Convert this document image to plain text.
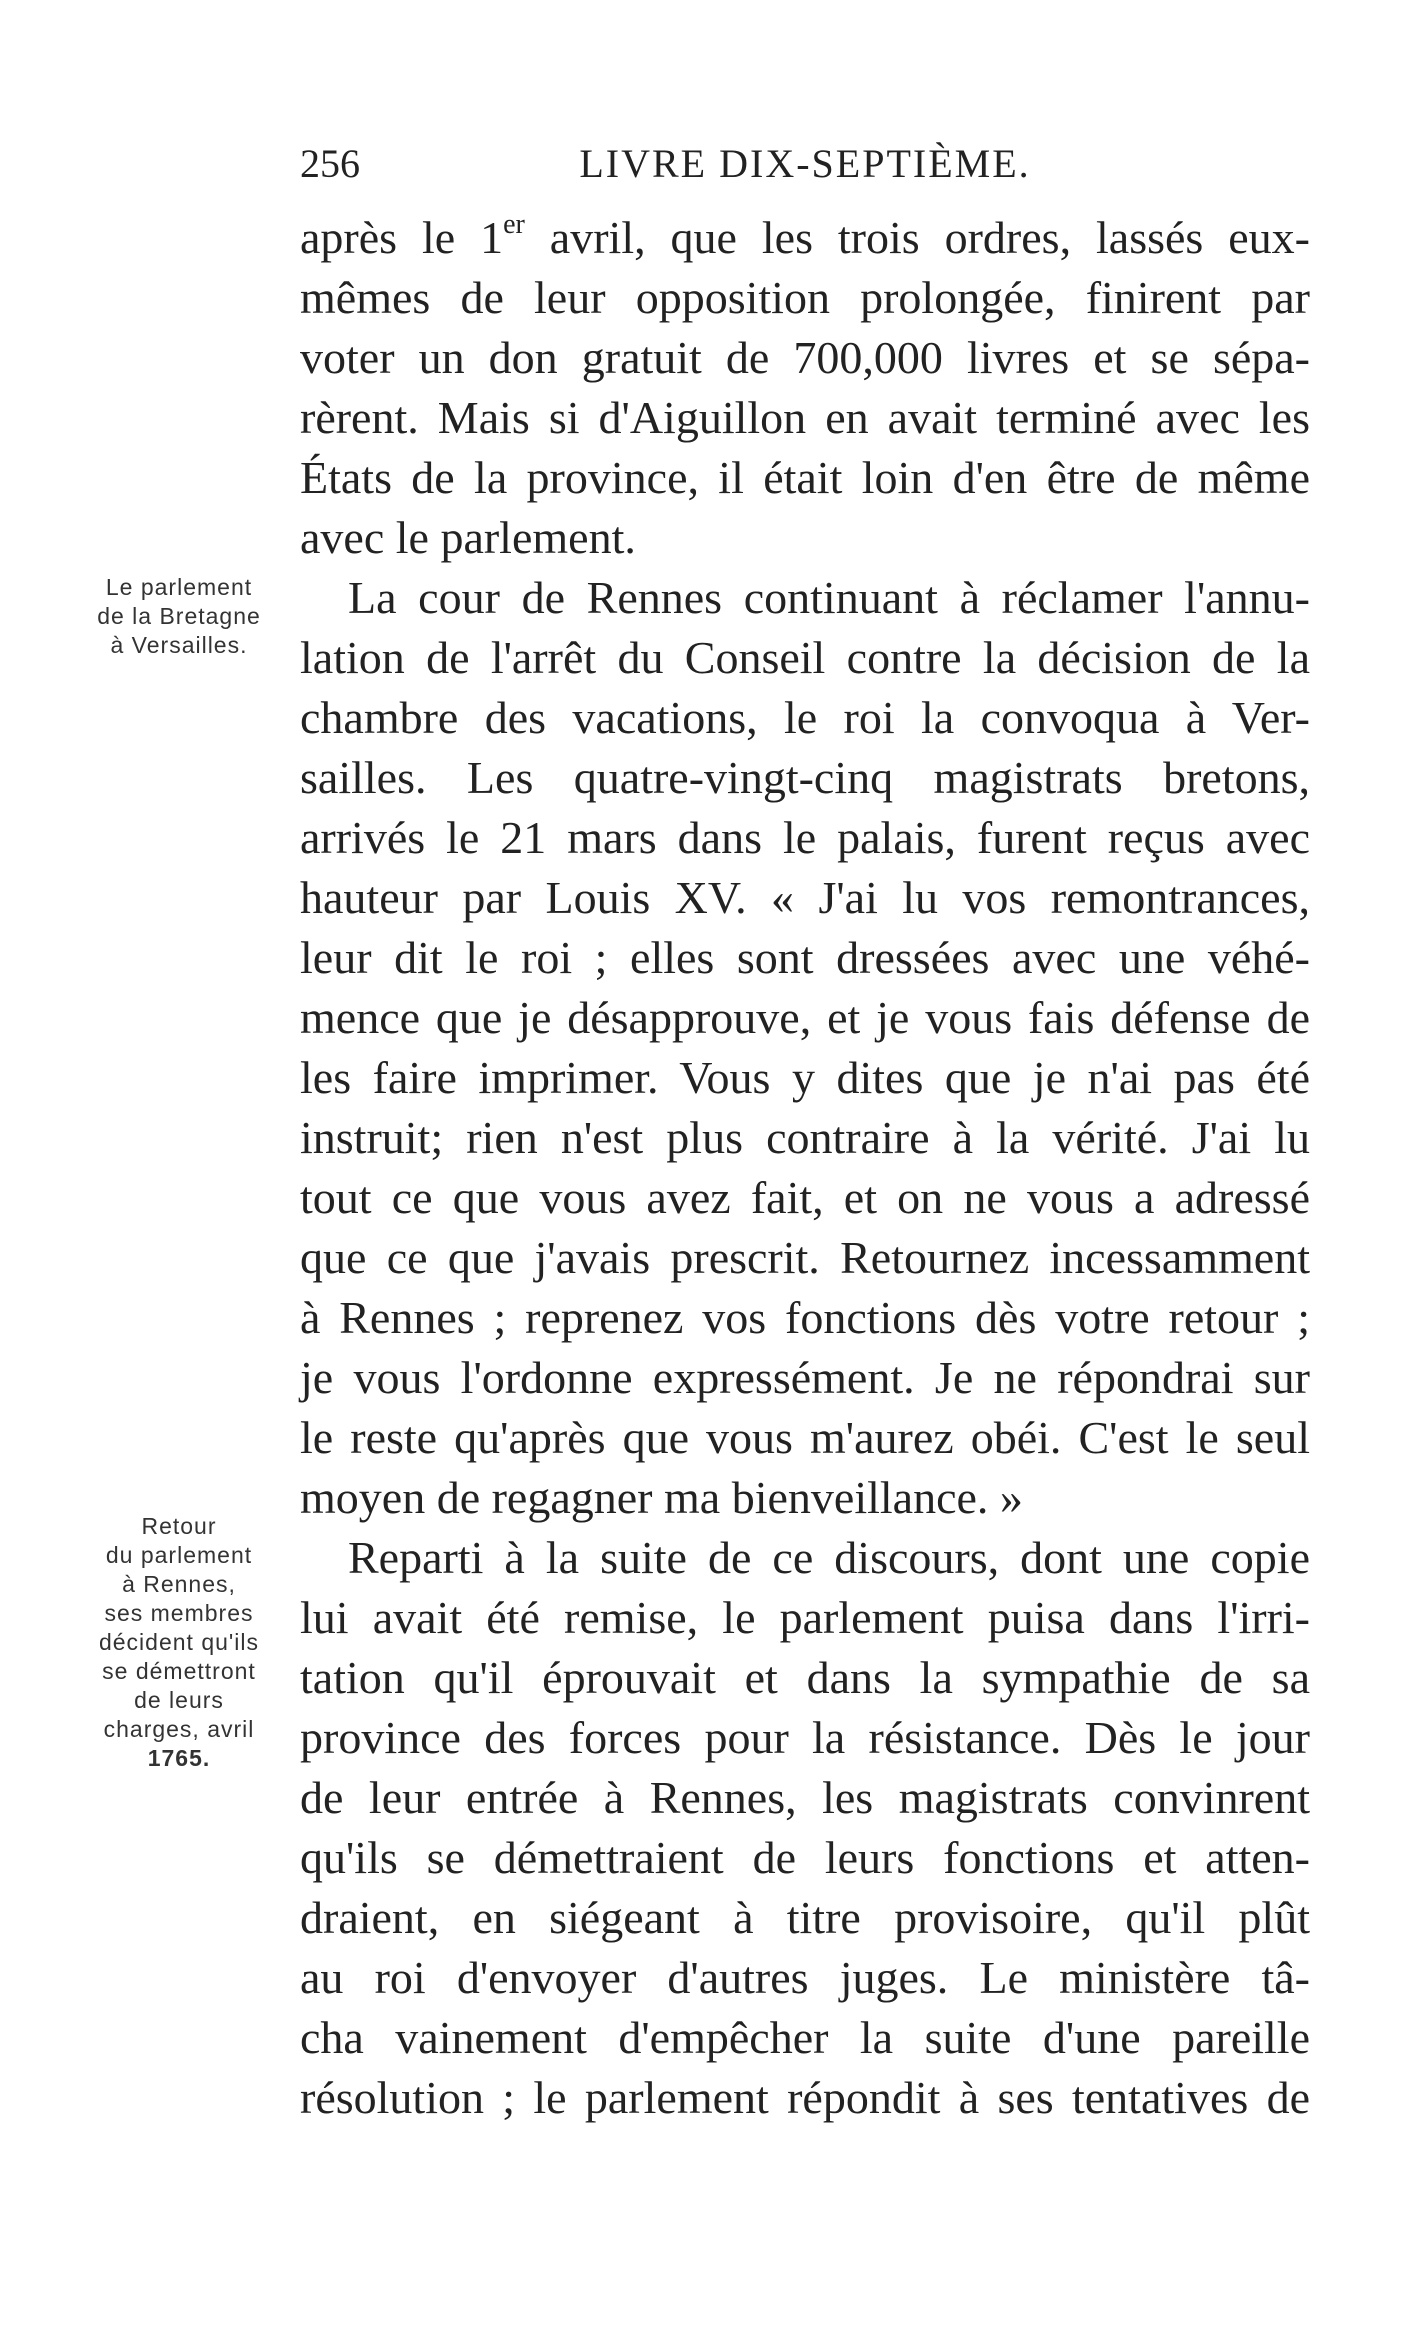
256	LIVRE DIX-SEPTIÈME.
Le parlement
de la Bretagne
à Versailles.
Retour
du parlement
à Rennes,
ses membres
décident qu'ils
se démettront
de leurs
charges, avril
1765.
après le 1er avril, que les trois ordres, lassés eux-
mêmes de leur opposition prolongée, finirent par
voter un don gratuit de 700,000 livres et se sépa-
rèrent. Mais si d'Aiguillon en avait terminé avec les
États de la province, il était loin d'en être de même
avec le parlement.
La cour de Rennes continuant à réclamer l'annu-
lation de l'arrêt du Conseil contre la décision de la
chambre des vacations, le roi la convoqua à Ver-
sailles. Les quatre-vingt-cinq magistrats bretons,
arrivés le 21 mars dans le palais, furent reçus avec
hauteur par Louis XV. « J'ai lu vos remontrances,
leur dit le roi ; elles sont dressées avec une véhé-
mence que je désapprouve, et je vous fais défense de
les faire imprimer. Vous y dites que je n'ai pas été
instruit; rien n'est plus contraire à la vérité. J'ai lu
tout ce que vous avez fait, et on ne vous a adressé
que ce que j'avais prescrit. Retournez incessamment
à Rennes ; reprenez vos fonctions dès votre retour ;
je vous l'ordonne expressément. Je ne répondrai sur
le reste qu'après que vous m'aurez obéi. C'est le seul
moyen de regagner ma bienveillance. »
Reparti à la suite de ce discours, dont une copie
lui avait été remise, le parlement puisa dans l'irri-
tation qu'il éprouvait et dans la sympathie de sa
province des forces pour la résistance. Dès le jour
de leur entrée à Rennes, les magistrats convinrent
qu'ils se démettraient de leurs fonctions et atten-
draient, en siégeant à titre provisoire, qu'il plût
au roi d'envoyer d'autres juges. Le ministère tâ-
cha vainement d'empêcher la suite d'une pareille
résolution ; le parlement répondit à ses tentatives de
